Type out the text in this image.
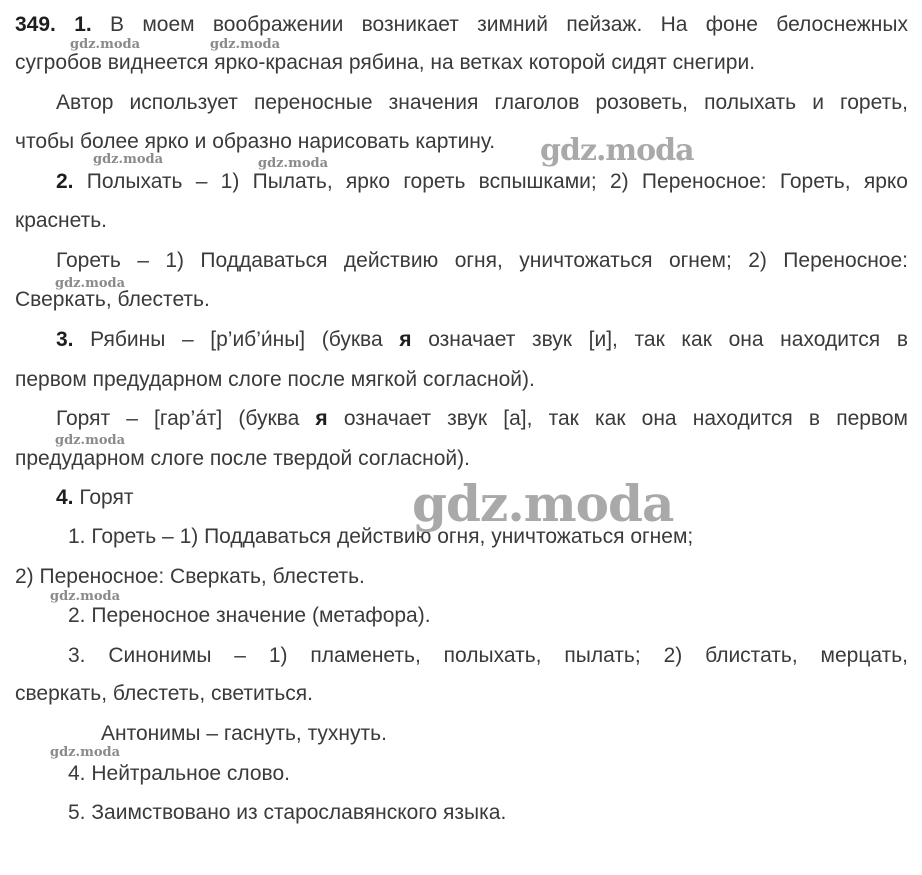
349. 1. В моем воображении возникает зимний пейзаж. На фоне белоснежных
сугробов виднеется ярко-красная рябина, на ветках которой сидят снегири.
Автор использует переносные значения глаголов розоветь, полыхать и гореть,
чтобы более ярко и образно нарисовать картину.
2. Полыхать – 1) Пылать, ярко гореть вспышками; 2) Переносное: Гореть, ярко
краснеть.
Гореть – 1) Поддаваться действию огня, уничтожаться огнем; 2) Переносное:
Сверкать, блестеть.
3. Рябины – [р’иб’и́ны] (буква я означает звук [и], так как она находится в
первом предударном слоге после мягкой согласной).
Горят – [гар’а́т] (буква я означает звук [а], так как она находится в первом
предударном слоге после твердой согласной).
4. Горят
1. Гореть – 1) Поддаваться действию огня, уничтожаться огнем;
2) Переносное: Сверкать, блестеть.
2. Переносное значение (метафора).
3. Синонимы – 1) пламенеть, полыхать, пылать; 2) блистать, мерцать,
сверкать, блестеть, светиться.
Антонимы – гаснуть, тухнуть.
4. Нейтральное слово.
5. Заимствовано из старославянского языка.
gdz.moda	gdz.moda
gdz.moda	gdz.moda
gdz.moda
gdz.moda
gdz.moda
gdz.moda
gdz.moda
gdz.moda
